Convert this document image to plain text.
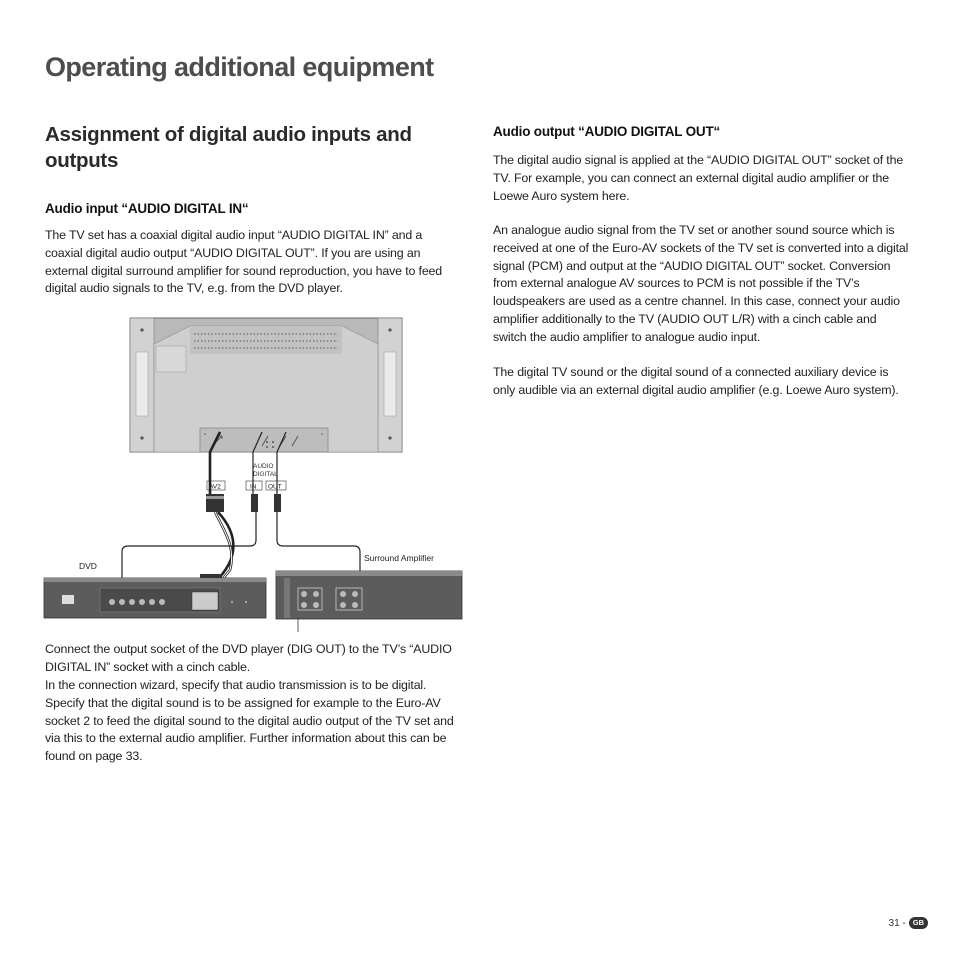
Operating additional equipment
Assignment of digital audio inputs and outputs
Audio input “AUDIO DIGITAL IN“

The TV set has a coaxial digital audio input “AUDIO DIGITAL IN” and a coaxial digital audio output “AUDIO DIGITAL OUT”. If you are using an external digital surround amplifier for sound reproduction, you have to feed digital audio signals to the TV, e.g. from the DVD player.

AUDIO
DIGITAL
AV2	IN OUT
DVD
Surround Amplifier

Connect the output socket of the DVD player (DIG OUT) to the TV’s “AUDIO DIGITAL IN” socket with a cinch cable.

In the connection wizard, specify that audio transmission is to be digital. Specify that the digital sound is to be assigned for example to the Euro-AV socket 2 to feed the digital sound to the digital audio output of the TV set and via this to the external audio amplifier. Further information about this can be found on page 33.

Audio output “AUDIO DIGITAL OUT“

The digital audio signal is applied at the “AUDIO DIGITAL OUT” socket of the TV. For example, you can connect an external digital audio amplifier or the Loewe Auro system here.

An analogue audio signal from the TV set or another sound source which is received at one of the Euro-AV sockets of the TV set is converted into a digital signal (PCM) and output at the “AUDIO DIGITAL OUT” socket. Conversion from external analogue AV sources to PCM is not possible if the TV’s loudspeakers are used as a centre channel. In this case, connect your audio amplifier additionally to the TV (AUDIO OUT L/R) with a cinch cable and switch the audio amplifier to analogue audio input.

The digital TV sound or the digital sound of a connected auxiliary device is only audible via an external digital audio amplifier (e.g. Loewe Auro system).

31 - GB
